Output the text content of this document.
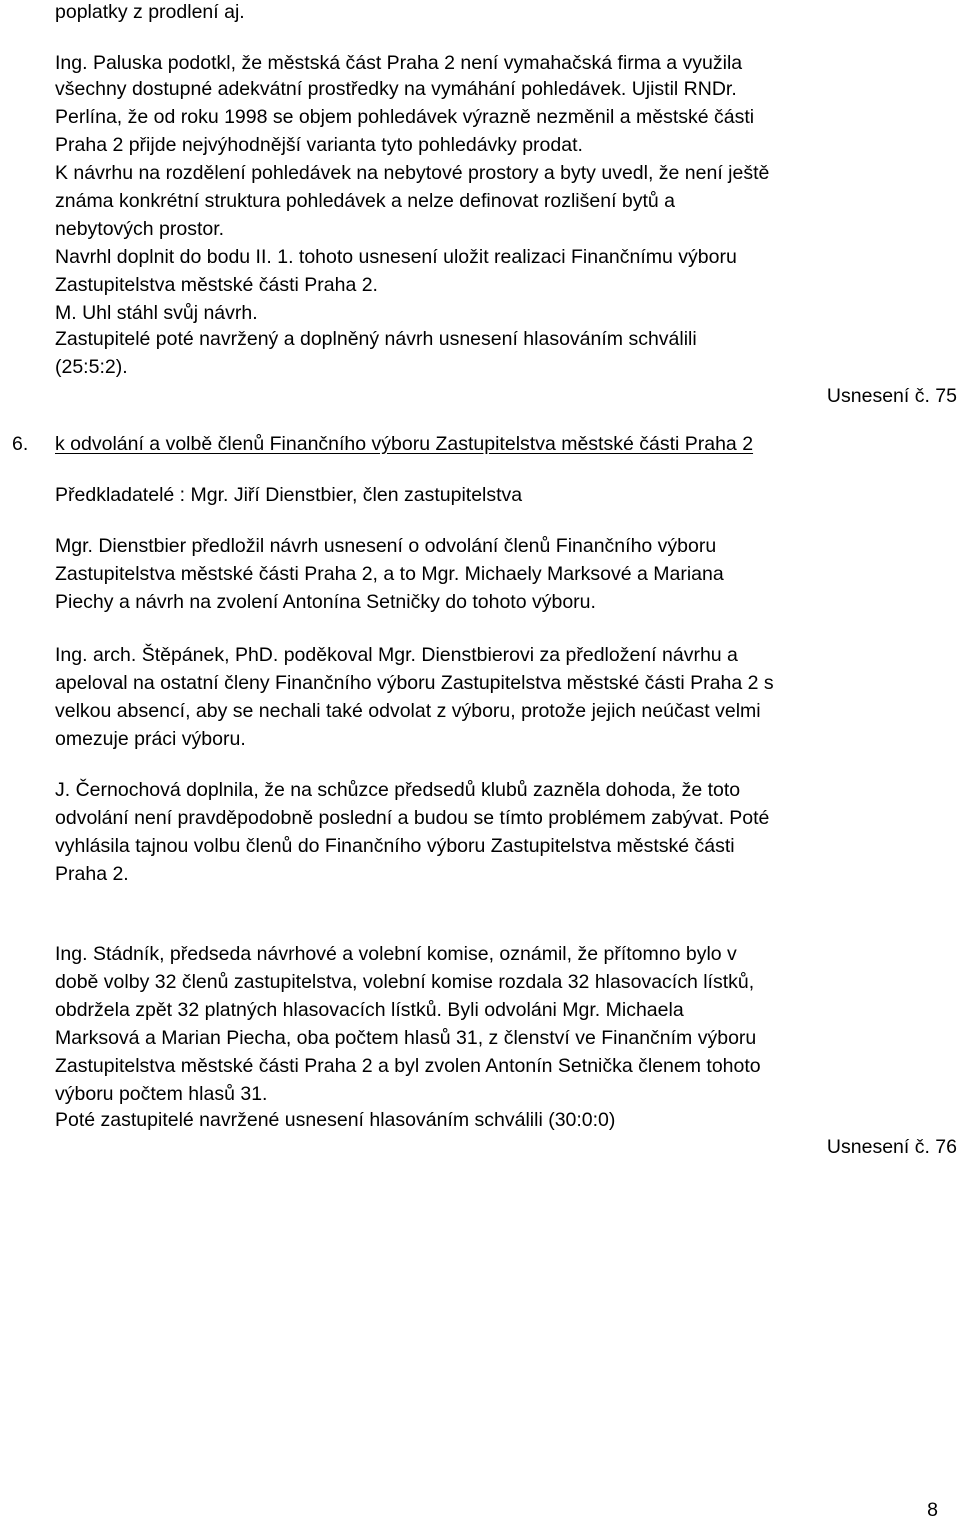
poplatky z prodlení aj.

Ing. Paluska podotkl, že městská část Praha 2 není vymahačská firma a využila

všechny dostupné adekvátní prostředky na vymáhání pohledávek. Ujistil RNDr.

Perlína, že od roku 1998 se objem pohledávek výrazně nezměnil a městské části

Praha 2 přijde nejvýhodnější varianta tyto pohledávky prodat.

K návrhu na rozdělení pohledávek na nebytové prostory a byty uvedl, že není ještě

známa konkrétní struktura pohledávek a nelze definovat rozlišení bytů a

nebytových prostor.

Navrhl doplnit do bodu II. 1. tohoto usnesení uložit realizaci Finančnímu výboru

Zastupitelstva městské části Praha 2.

M. Uhl stáhl svůj návrh.

Zastupitelé poté navržený a doplněný návrh usnesení hlasováním schválili

(25:5:2).

Usnesení č. 75

6. k odvolání a volbě členů Finančního výboru Zastupitelstva městské části Praha 2

Předkladatelé : Mgr. Jiří Dienstbier, člen zastupitelstva

Mgr. Dienstbier předložil návrh usnesení o odvolání členů Finančního výboru

Zastupitelstva městské části Praha 2, a to Mgr. Michaely Marksové a Mariana

Piechy a návrh na zvolení Antonína Setničky do tohoto výboru.

Ing. arch. Štěpánek, PhD. poděkoval Mgr. Dienstbierovi za předložení návrhu a

apeloval na ostatní členy Finančního výboru Zastupitelstva městské části Praha 2 s

velkou absencí, aby se nechali také odvolat z výboru, protože jejich neúčast velmi

omezuje práci výboru.

J. Černochová doplnila, že na schůzce předsedů klubů zazněla dohoda, že toto

odvolání není pravděpodobně poslední a budou se tímto problémem zabývat. Poté

vyhlásila tajnou volbu členů do Finančního výboru Zastupitelstva městské části

Praha 2.

Ing. Stádník, předseda návrhové a volební komise, oznámil, že přítomno bylo v

době volby 32 členů zastupitelstva, volební komise rozdala 32 hlasovacích lístků,

obdržela zpět 32 platných hlasovacích lístků. Byli odvoláni Mgr. Michaela

Marksová a Marian Piecha, oba počtem hlasů 31, z členství ve Finančním výboru

Zastupitelstva městské části Praha 2 a byl zvolen Antonín Setnička členem tohoto

výboru počtem hlasů 31.

Poté zastupitelé navržené usnesení hlasováním schválili (30:0:0)

Usnesení č. 76

8
